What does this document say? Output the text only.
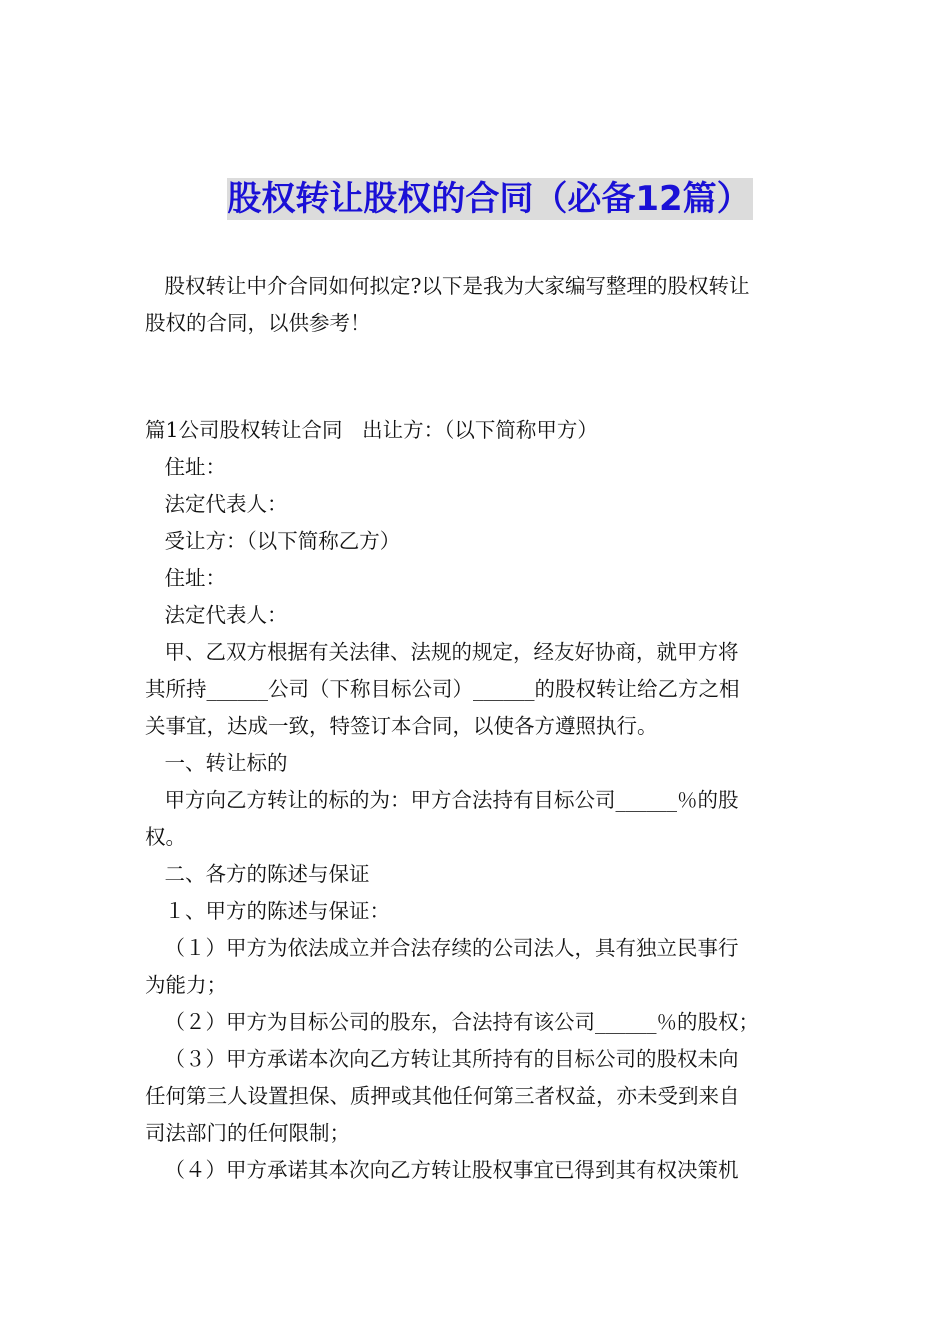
股权转让股权的合同（必备12篇）
股权转让中介合同如何拟定?以下是我为大家编写整理的股权转让
股权的合同，以供参考！
篇1公司股权转让合同   出让方：（以下简称甲方）
住址：
法定代表人：
受让方：（以下简称乙方）
住址：
法定代表人：
甲、乙双方根据有关法律、法规的规定，经友好协商，就甲方将
其所持______公司（下称目标公司）______的股权转让给乙方之相
关事宜，达成一致，特签订本合同，以使各方遵照执行。
一、转让标的
甲方向乙方转让的标的为：甲方合法持有目标公司______％的股
权。
二、各方的陈述与保证
１、甲方的陈述与保证：
（１）甲方为依法成立并合法存续的公司法人，具有独立民事行
为能力；
（２）甲方为目标公司的股东，合法持有该公司______％的股权；
（３）甲方承诺本次向乙方转让其所持有的目标公司的股权未向
任何第三人设置担保、质押或其他任何第三者权益，亦未受到来自
司法部门的任何限制；
（４）甲方承诺其本次向乙方转让股权事宜已得到其有权决策机
